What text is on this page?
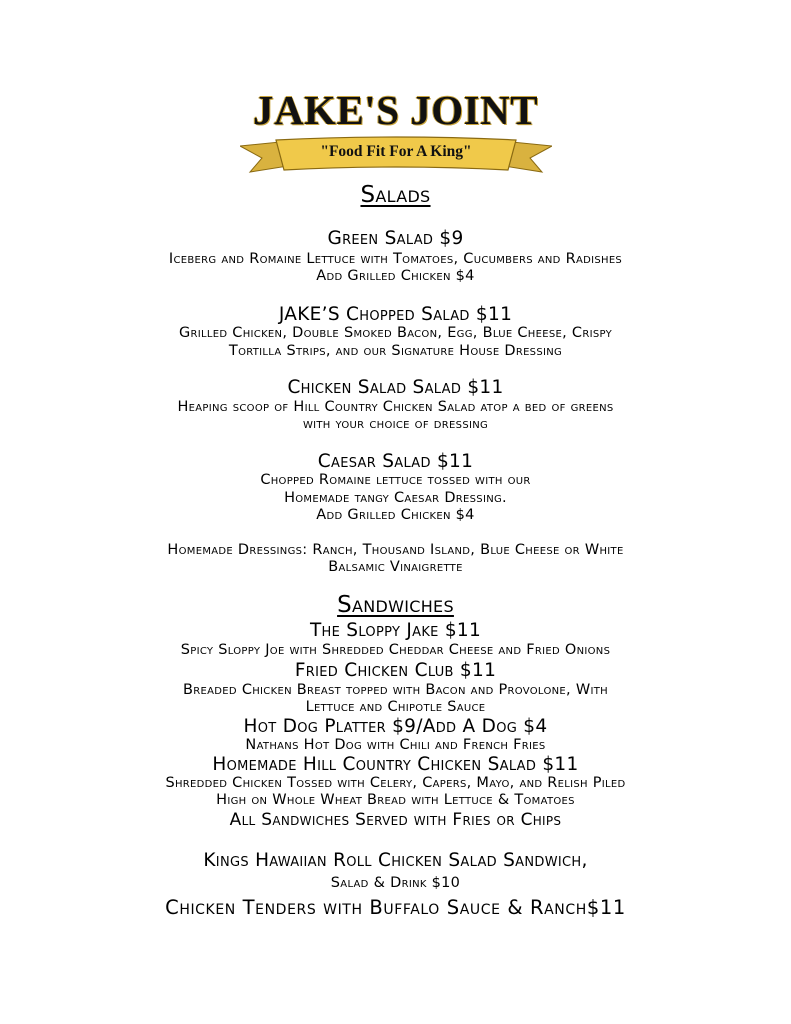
JAKE'S JOINT
"Food Fit For A King"
Salads
Green Salad $9
Iceberg and Romaine Lettuce with Tomatoes, Cucumbers and Radishes
Add Grilled Chicken $4
JAKE’S Chopped Salad $11
Grilled Chicken, Double Smoked Bacon, Egg, Blue Cheese, Crispy
Tortilla Strips, and our Signature House Dressing
Chicken Salad Salad $11
Heaping scoop of Hill Country Chicken Salad atop a bed of greens
with your choice of dressing
Caesar Salad $11
Chopped Romaine lettuce tossed with our
Homemade tangy Caesar Dressing.
Add Grilled Chicken $4
Homemade Dressings: Ranch, Thousand Island, Blue Cheese or White
Balsamic Vinaigrette
Sandwiches
The Sloppy Jake $11
Spicy Sloppy Joe with Shredded Cheddar Cheese and Fried Onions
Fried Chicken Club $11
Breaded Chicken Breast topped with Bacon and Provolone, With
Lettuce and Chipotle Sauce
Hot Dog Platter $9/Add A Dog $4
Nathans Hot Dog with Chili and French Fries
Homemade Hill Country Chicken Salad $11
Shredded Chicken Tossed with Celery, Capers, Mayo, and Relish Piled
High on Whole Wheat Bread with Lettuce & Tomatoes
All Sandwiches Served with Fries or Chips
Kings Hawaiian Roll Chicken Salad Sandwich,
Salad & Drink $10
Chicken Tenders with Buffalo Sauce & Ranch$11
